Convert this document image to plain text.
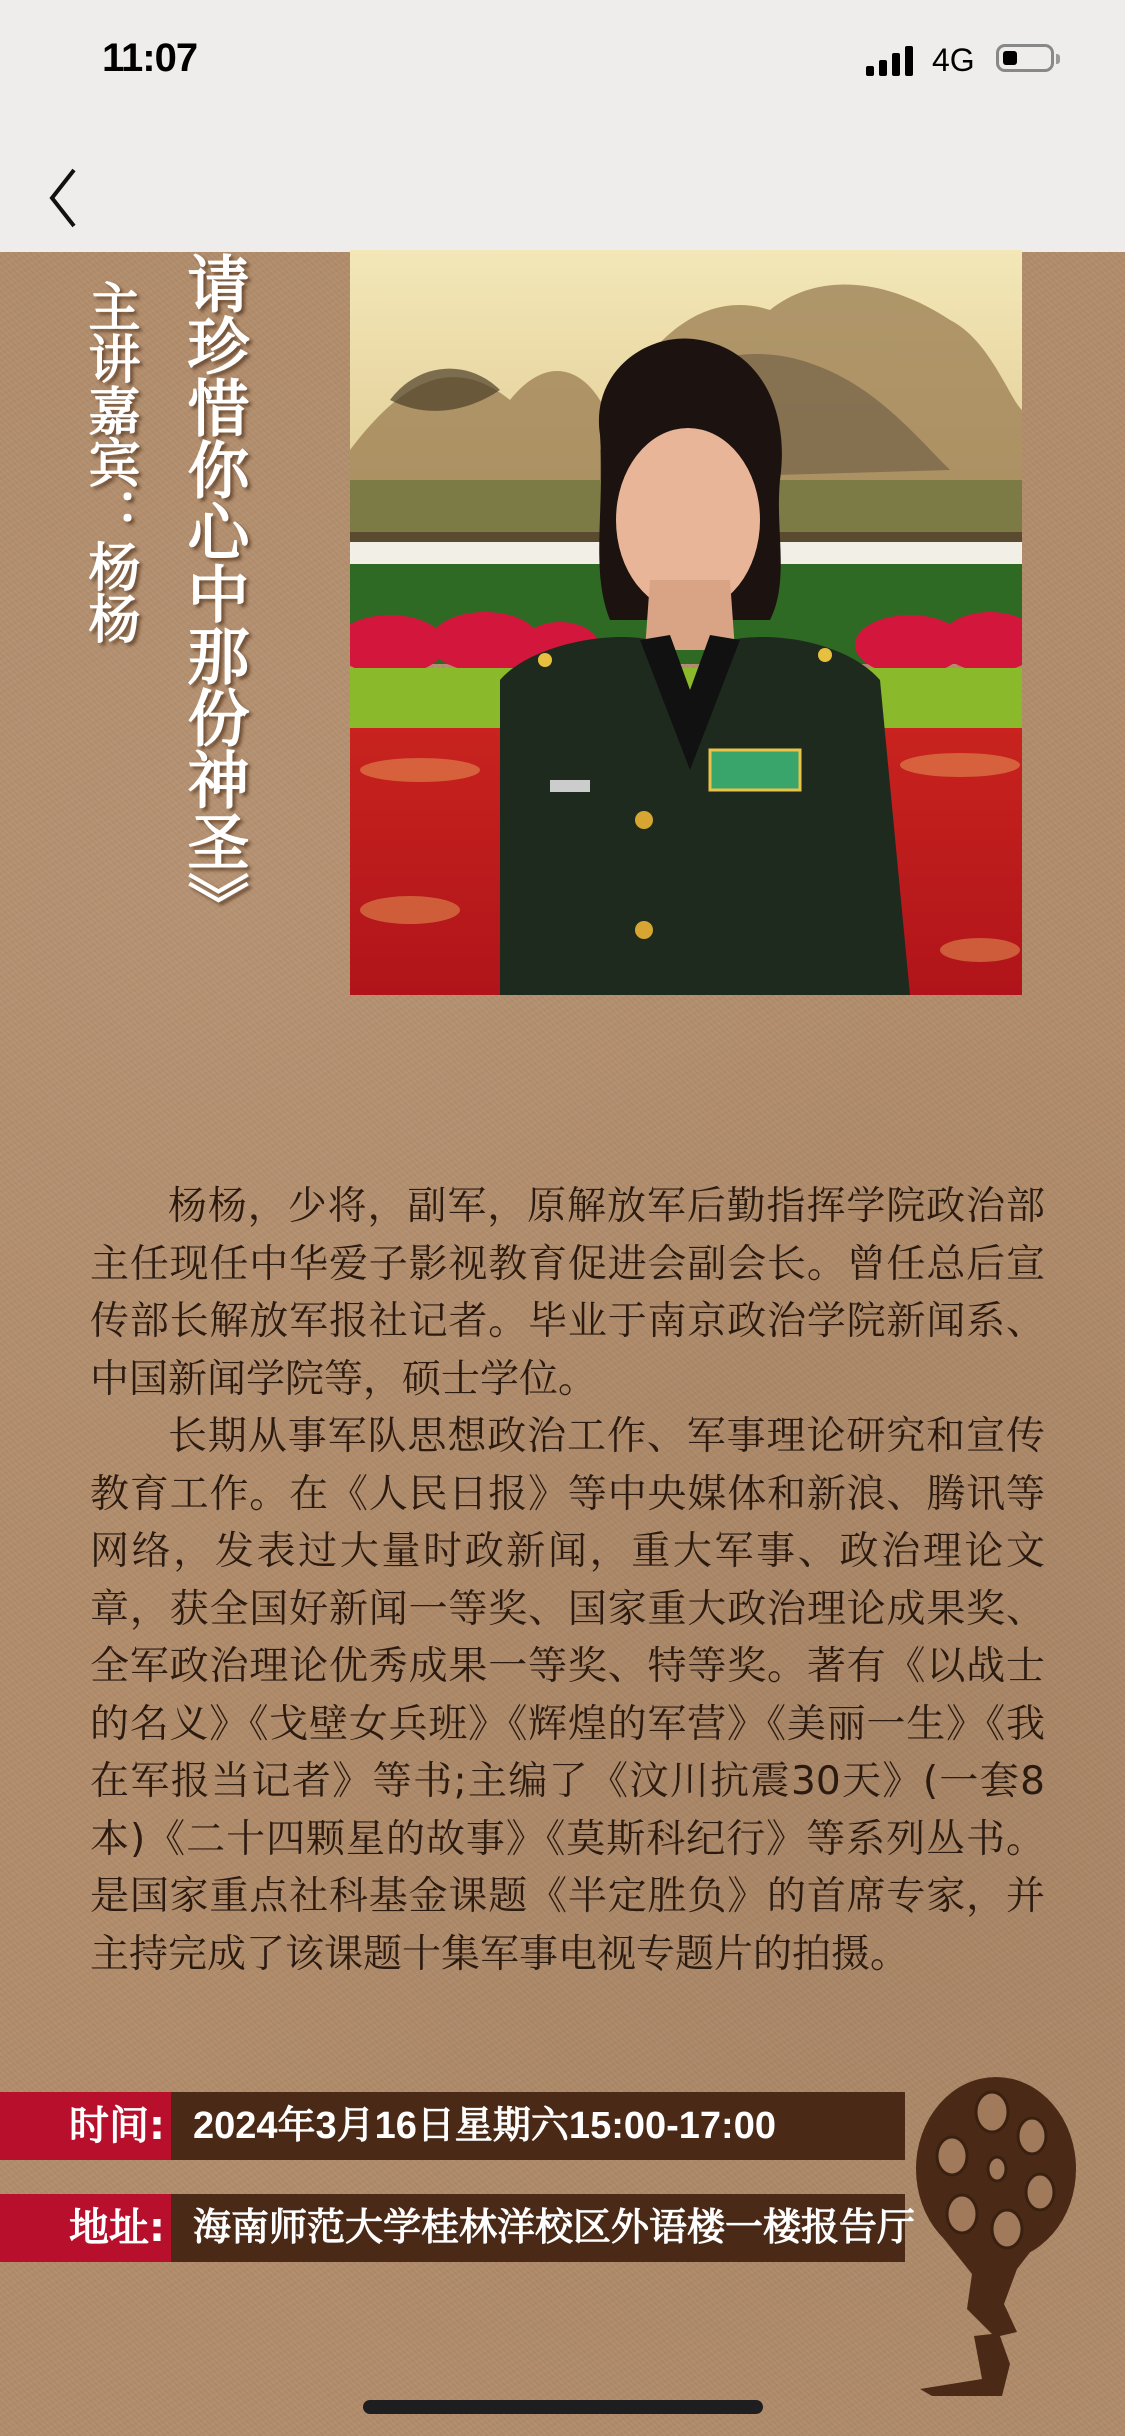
11:07	4G
请珍惜你心中那份神圣》
主讲嘉宾：杨杨

杨杨，少将，副军，原解放军后勤指挥学院政治部主任现任中华爱子影视教育促进会副会长。曾任总后宣传部长解放军报社记者。毕业于南京政治学院新闻系、中国新闻学院等，硕士学位。

长期从事军队思想政治工作、军事理论研究和宣传教育工作。在《人民日报》等中央媒体和新浪、腾讯等网络，发表过大量时政新闻，重大军事、政治理论文章，获全国好新闻一等奖、国家重大政治理论成果奖、全军政治理论优秀成果一等奖、特等奖。著有《以战士的名义》《戈壁女兵班》《辉煌的军营》《美丽一生》《我在军报当记者》等书;主编了《汶川抗震30天》(一套8本)《二十四颗星的故事》《莫斯科纪行》等系列丛书。是国家重点社科基金课题《半定胜负》的首席专家，并主持完成了该课题十集军事电视专题片的拍摄。

时间: 2024年3月16日星期六15:00-17:00
地址: 海南师范大学桂林洋校区外语楼一楼报告厅
